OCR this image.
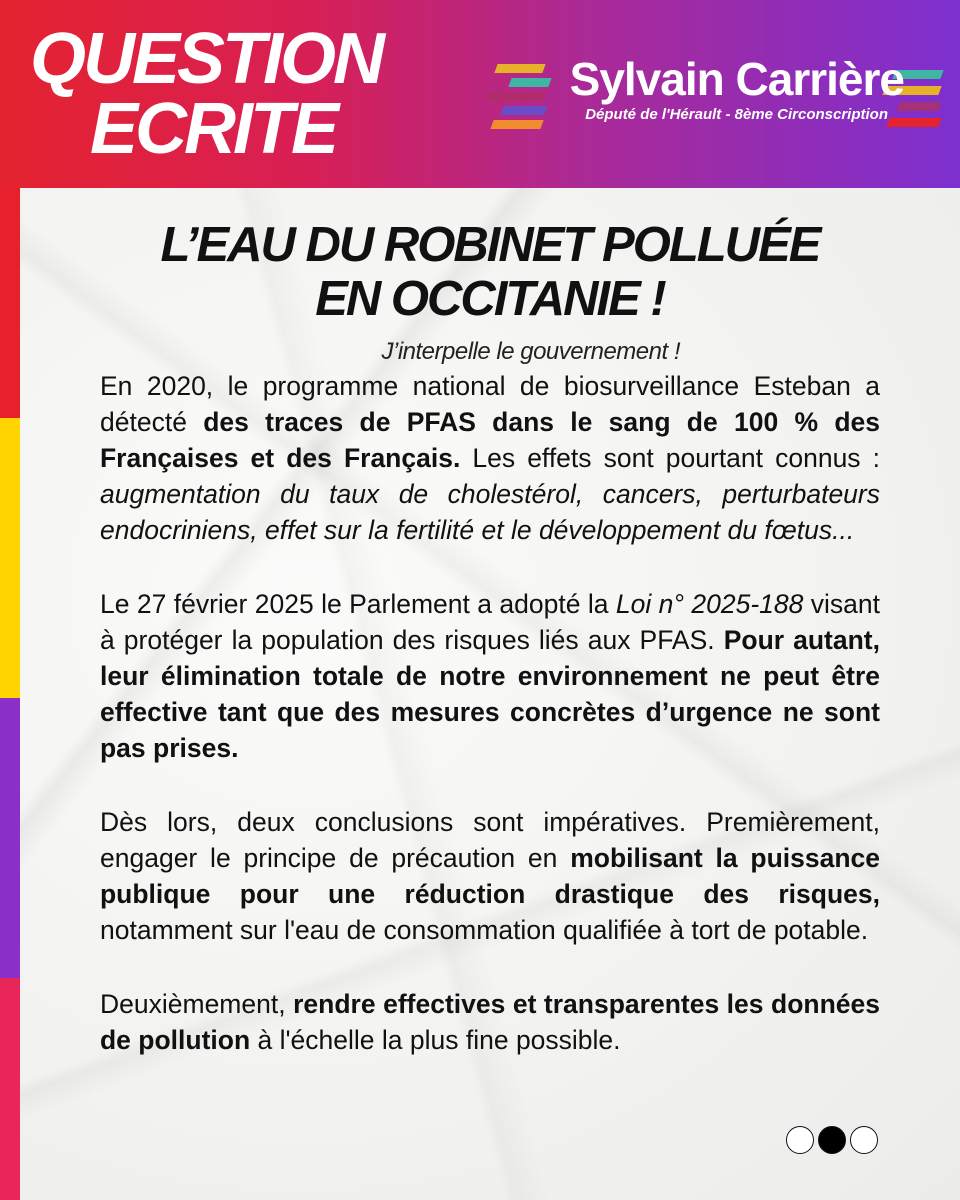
QUESTION
ECRITE

Sylvain Carrière

Député de l'Hérault - 8ème Circonscription

L’EAU DU ROBINET POLLUÉE
EN OCCITANIE !

J’interpelle le gouvernement !

En 2020, le programme national de biosurveillance Esteban a détecté des traces de PFAS dans le sang de 100 % des Françaises et des Français. Les effets sont pourtant connus : augmentation du taux de cholestérol, cancers, perturbateurs endocriniens, effet sur la fertilité et le développement du fœtus...

Le 27 février 2025 le Parlement a adopté la Loi n° 2025-188 visant à protéger la population des risques liés aux PFAS. Pour autant, leur élimination totale de notre environnement ne peut être effective tant que des mesures concrètes d’urgence ne sont pas prises.

Dès lors, deux conclusions sont impératives. Premièrement, engager le principe de précaution en mobilisant la puissance publique pour une réduction drastique des risques, notamment sur l'eau de consommation qualifiée à tort de potable.

Deuxièmement, rendre effectives et transparentes les données de pollution à l'échelle la plus fine possible.
